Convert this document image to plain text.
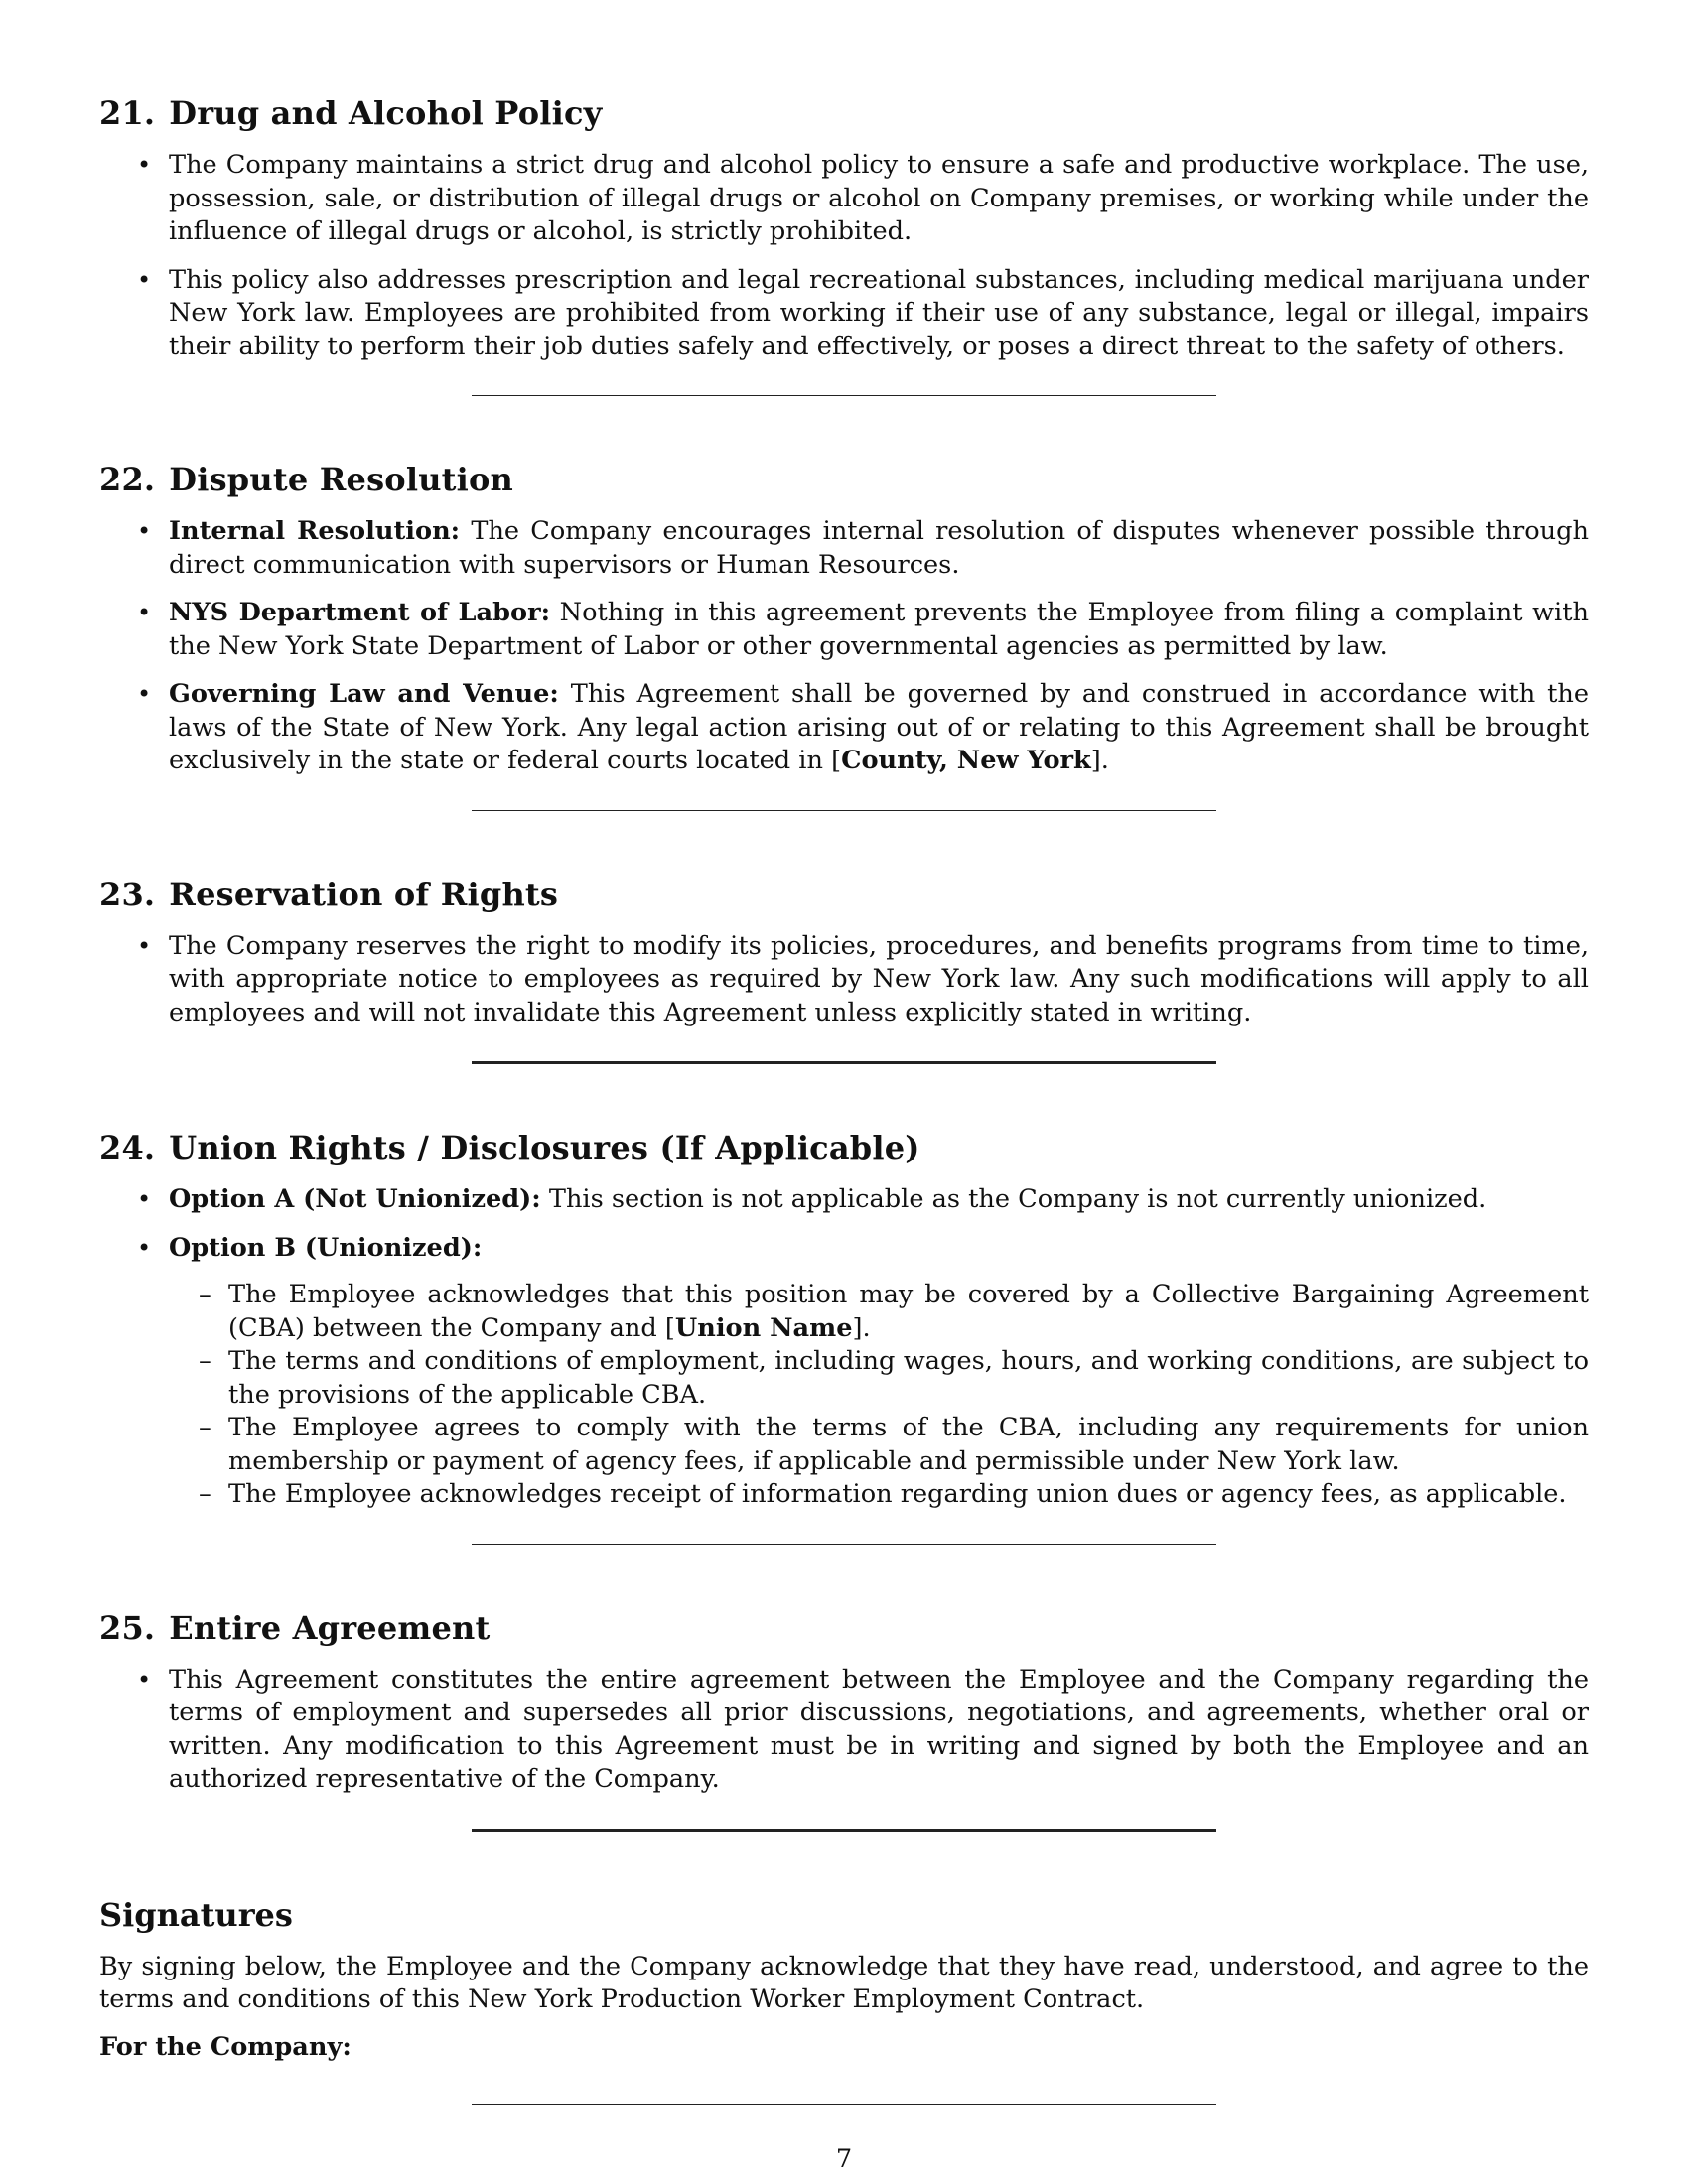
21. Drug and Alcohol Policy
• The Company maintains a strict drug and alcohol policy to ensure a safe and productive workplace. The use, possession, sale, or distribution of illegal drugs or alcohol on Company premises, or working while under the influence of illegal drugs or alcohol, is strictly prohibited.
• This policy also addresses prescription and legal recreational substances, including medical marijuana under New York law. Employees are prohibited from working if their use of any substance, legal or illegal, impairs their ability to perform their job duties safely and effectively, or poses a direct threat to the safety of others.
22. Dispute Resolution
• Internal Resolution: The Company encourages internal resolution of disputes whenever possible through direct communication with supervisors or Human Resources.
• NYS Department of Labor: Nothing in this agreement prevents the Employee from filing a complaint with the New York State Department of Labor or other governmental agencies as permitted by law.
• Governing Law and Venue: This Agreement shall be governed by and construed in accordance with the laws of the State of New York. Any legal action arising out of or relating to this Agreement shall be brought exclusively in the state or federal courts located in [County, New York].
23. Reservation of Rights
• The Company reserves the right to modify its policies, procedures, and benefits programs from time to time, with appropriate notice to employees as required by New York law. Any such modifications will apply to all employees and will not invalidate this Agreement unless explicitly stated in writing.
24. Union Rights / Disclosures (If Applicable)
• Option A (Not Unionized): This section is not applicable as the Company is not currently unionized.
• Option B (Unionized):
– The Employee acknowledges that this position may be covered by a Collective Bargaining Agreement (CBA) between the Company and [Union Name].
– The terms and conditions of employment, including wages, hours, and working conditions, are subject to the provisions of the applicable CBA.
– The Employee agrees to comply with the terms of the CBA, including any requirements for union membership or payment of agency fees, if applicable and permissible under New York law.
– The Employee acknowledges receipt of information regarding union dues or agency fees, as applicable.
25. Entire Agreement
• This Agreement constitutes the entire agreement between the Employee and the Company regarding the terms of employment and supersedes all prior discussions, negotiations, and agreements, whether oral or written. Any modification to this Agreement must be in writing and signed by both the Employee and an authorized representative of the Company.
Signatures

By signing below, the Employee and the Company acknowledge that they have read, understood, and agree to the terms and conditions of this New York Production Worker Employment Contract.

For the Company:

7
